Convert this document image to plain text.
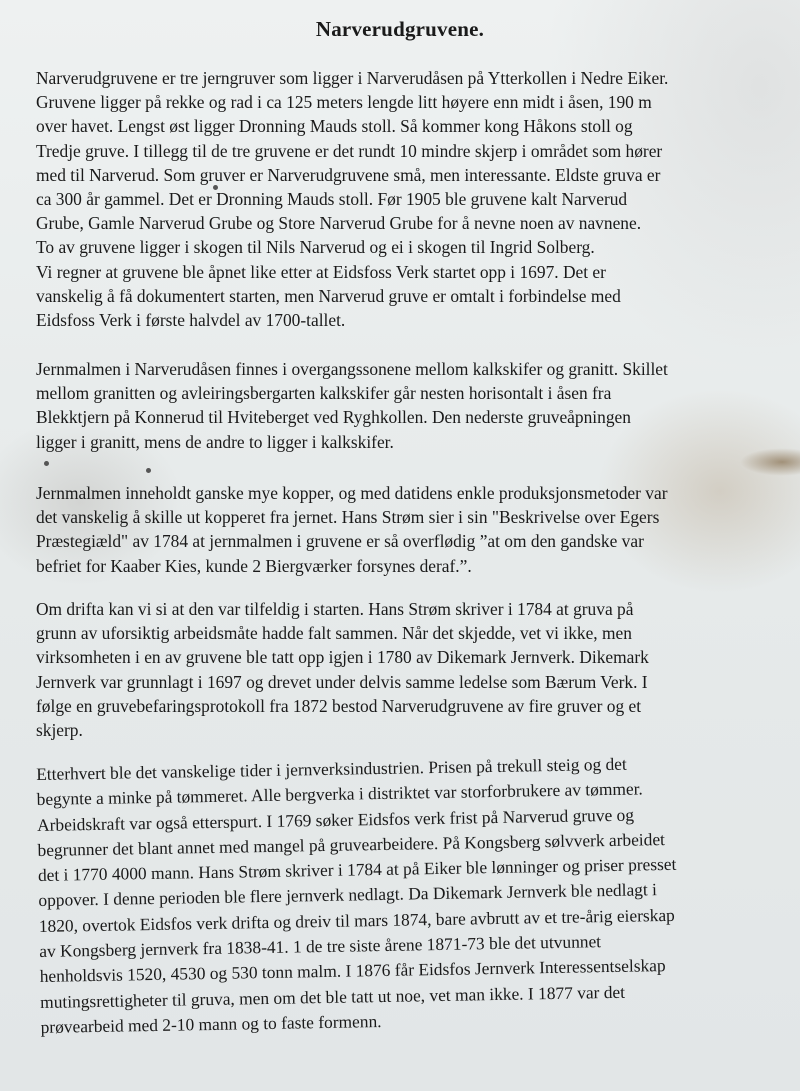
Narverudgruvene.

Narverudgruvene er tre jerngruver som ligger i Narverudåsen på Ytterkollen i Nedre Eiker.
Gruvene ligger på rekke og rad i ca 125 meters lengde litt høyere enn midt i åsen, 190 m
over havet. Lengst øst ligger Dronning Mauds stoll. Så kommer kong Håkons stoll og
Tredje gruve. I tillegg til de tre gruvene er det rundt 10 mindre skjerp i området som hører
med til Narverud. Som gruver er Narverudgruvene små, men interessante. Eldste gruva er
ca 300 år gammel. Det er Dronning Mauds stoll. Før 1905 ble gruvene kalt Narverud
Grube, Gamle Narverud Grube og Store Narverud Grube for å nevne noen av navnene.
To av gruvene ligger i skogen til Nils Narverud og ei i skogen til Ingrid Solberg.
Vi regner at gruvene ble åpnet like etter at Eidsfoss Verk startet opp i 1697. Det er
vanskelig å få dokumentert starten, men Narverud gruve er omtalt i forbindelse med
Eidsfoss Verk i første halvdel av 1700-tallet.

Jernmalmen i Narverudåsen finnes i overgangssonene mellom kalkskifer og granitt. Skillet
mellom granitten og avleiringsbergarten kalkskifer går nesten horisontalt i åsen fra
Blekktjern på Konnerud til Hviteberget ved Ryghkollen. Den nederste gruveåpningen
ligger i granitt, mens de andre to ligger i kalkskifer.

Jernmalmen inneholdt ganske mye kopper, og med datidens enkle produksjonsmetoder var
det vanskelig å skille ut kopperet fra jernet. Hans Strøm sier i sin "Beskrivelse over Egers
Præstegiæld" av 1784 at jernmalmen i gruvene er så overflødig ”at om den gandske var
befriet for Kaaber Kies, kunde 2 Biergværker forsynes deraf.”.

Om drifta kan vi si at den var tilfeldig i starten. Hans Strøm skriver i 1784 at gruva på
grunn av uforsiktig arbeidsmåte hadde falt sammen. Når det skjedde, vet vi ikke, men
virksomheten i en av gruvene ble tatt opp igjen i 1780 av Dikemark Jernverk. Dikemark
Jernverk var grunnlagt i 1697 og drevet under delvis samme ledelse som Bærum Verk. I
følge en gruvebefaringsprotokoll fra 1872 bestod Narverudgruvene av fire gruver og et
skjerp.

Etterhvert ble det vanskelige tider i jernverksindustrien. Prisen på trekull steig og det
begynte a minke på tømmeret. Alle bergverka i distriktet var storforbrukere av tømmer.
Arbeidskraft var også etterspurt. I 1769 søker Eidsfos verk frist på Narverud gruve og
begrunner det blant annet med mangel på gruvearbeidere. På Kongsberg sølvverk arbeidet
det i 1770 4000 mann. Hans Strøm skriver i 1784 at på Eiker ble lønninger og priser presset
oppover. I denne perioden ble flere jernverk nedlagt. Da Dikemark Jernverk ble nedlagt i
1820, overtok Eidsfos verk drifta og dreiv til mars 1874, bare avbrutt av et tre-årig eierskap
av Kongsberg jernverk fra 1838-41. 1 de tre siste årene 1871-73 ble det utvunnet
henholdsvis 1520, 4530 og 530 tonn malm. I 1876 får Eidsfos Jernverk Interessentselskap
mutingsrettigheter til gruva, men om det ble tatt ut noe, vet man ikke. I 1877 var det
prøvearbeid med 2-10 mann og to faste formenn.
